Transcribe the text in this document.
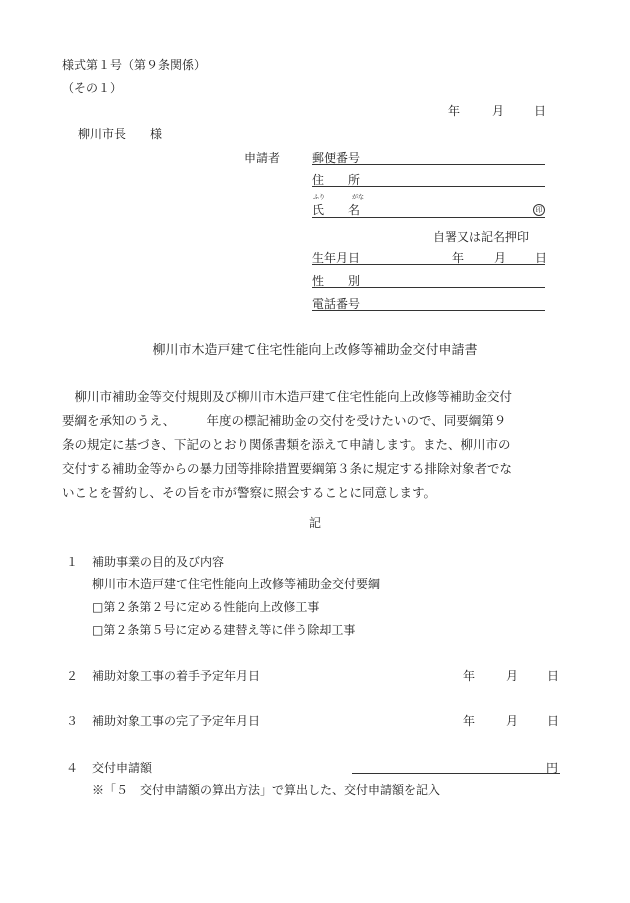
様式第１号（第９条関係）
（その１）
年	月 日
柳川市長　　様
申請者	郵便番号
住　　所
ふり	がな
氏　　名	印
自署又は記名押印
生年月日	年 月 日
性　　別
電話番号
柳川市木造戸建て住宅性能向上改修等補助金交付申請書
　柳川市補助金等交付規則及び柳川市木造戸建て住宅性能向上改修等補助金交付
要綱を承知のうえ、　　　年度の標記補助金の交付を受けたいので、同要綱第９
条の規定に基づき、下記のとおり関係書類を添えて申請します。また、柳川市の
交付する補助金等からの暴力団等排除措置要綱第３条に規定する排除対象者でな
いことを誓約し、その旨を市が警察に照会することに同意します。
記
１ 補助事業の目的及び内容
柳川市木造戸建て住宅性能向上改修等補助金交付要綱
□第２条第２号に定める性能向上改修工事
□第２条第５号に定める建替え等に伴う除却工事
２ 補助対象工事の着手予定年月日	年	月 日
３ 補助対象工事の完了予定年月日	年	月 日
４ 交付申請額	円
※「５　交付申請額の算出方法」で算出した、交付申請額を記入
